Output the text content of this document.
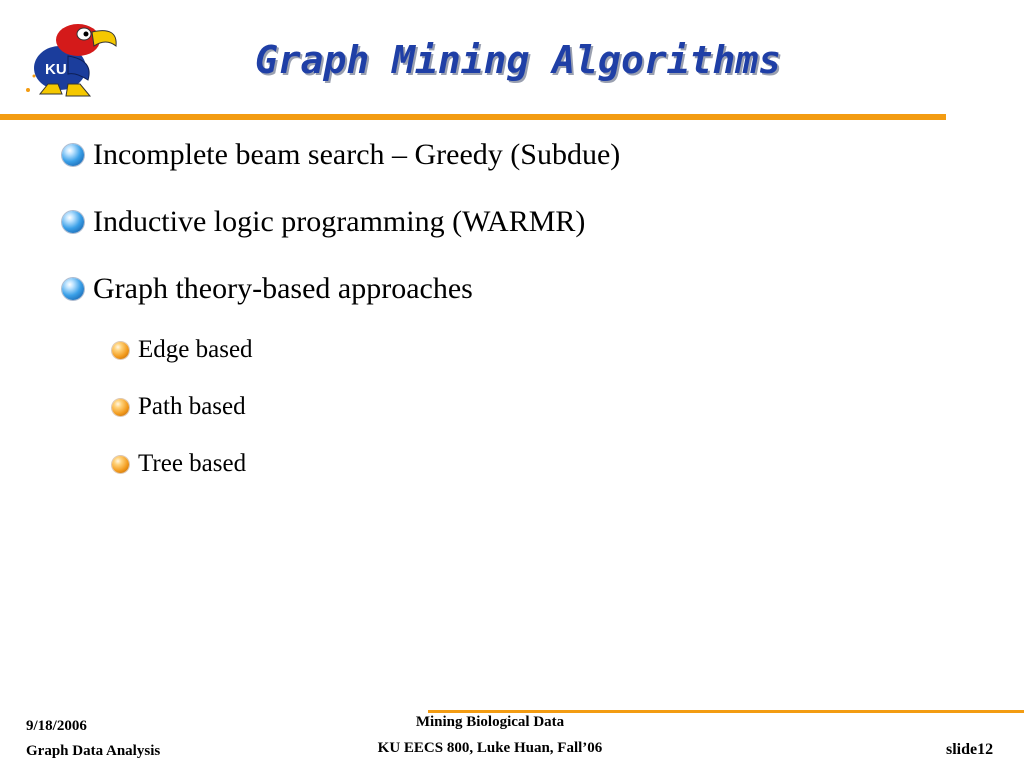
KU	Graph Mining Algorithms
Incomplete beam search – Greedy (Subdue)
Inductive logic programming (WARMR)
Graph theory-based approaches
Edge based
Path based
Tree based
9/18/2006
Graph Data Analysis
Mining Biological Data
KU EECS 800, Luke Huan, Fall’06	slide12
